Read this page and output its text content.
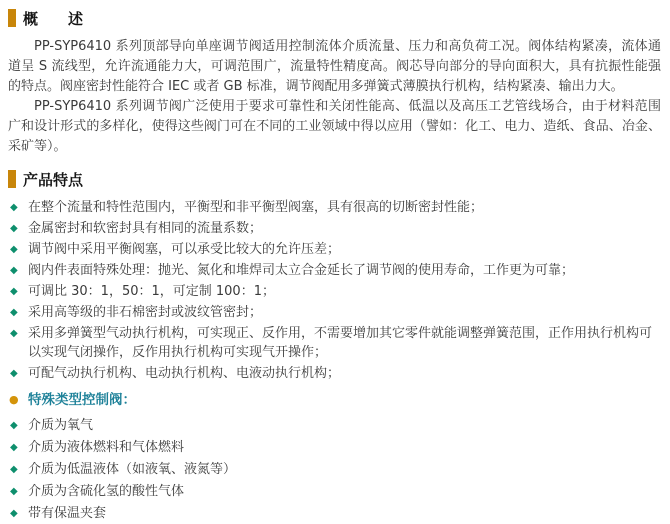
概　　述

PP-SYP6410 系列顶部导向单座调节阀适用控制流体介质流量、压力和高负荷工况。阀体结构紧凑，流体通道呈 S 流线型，允许流通能力大，可调范围广，流量特性精度高。阀芯导向部分的导向面积大，具有抗振性能强的特点。阀座密封性能符合 IEC 或者 GB 标准，调节阀配用多弹簧式薄膜执行机构，结构紧凑、输出力大。

PP-SYP6410 系列调节阀广泛使用于要求可靠性和关闭性能高、低温以及高压工艺管线场合，由于材料范围广和设计形式的多样化，使得这些阀门可在不同的工业领域中得以应用（譬如：化工、电力、造纸、食品、冶金、采矿等）。

产品特点
◆ 在整个流量和特性范围内，平衡型和非平衡型阀塞，具有很高的切断密封性能；
◆ 金属密封和软密封具有相同的流量系数；
◆ 调节阀中采用平衡阀塞，可以承受比较大的允许压差；
◆ 阀内件表面特殊处理：抛光、氮化和堆焊司太立合金延长了调节阀的使用寿命，工作更为可靠；
◆ 可调比 30：1，50：1，可定制 100：1；
◆ 采用高等级的非石棉密封或波纹管密封；
◆ 采用多弹簧型气动执行机构，可实现正、反作用，不需要增加其它零件就能调整弹簧范围，正作用执行机构可以实现气闭操作，反作用执行机构可实现气开操作；
◆ 可配气动执行机构、电动执行机构、电液动执行机构；
● 特殊类型控制阀：
◆ 介质为氧气
◆ 介质为液体燃料和气体燃料
◆ 介质为低温液体（如液氧、液氮等）
◆ 介质为含硫化氢的酸性气体
◆ 带有保温夹套
